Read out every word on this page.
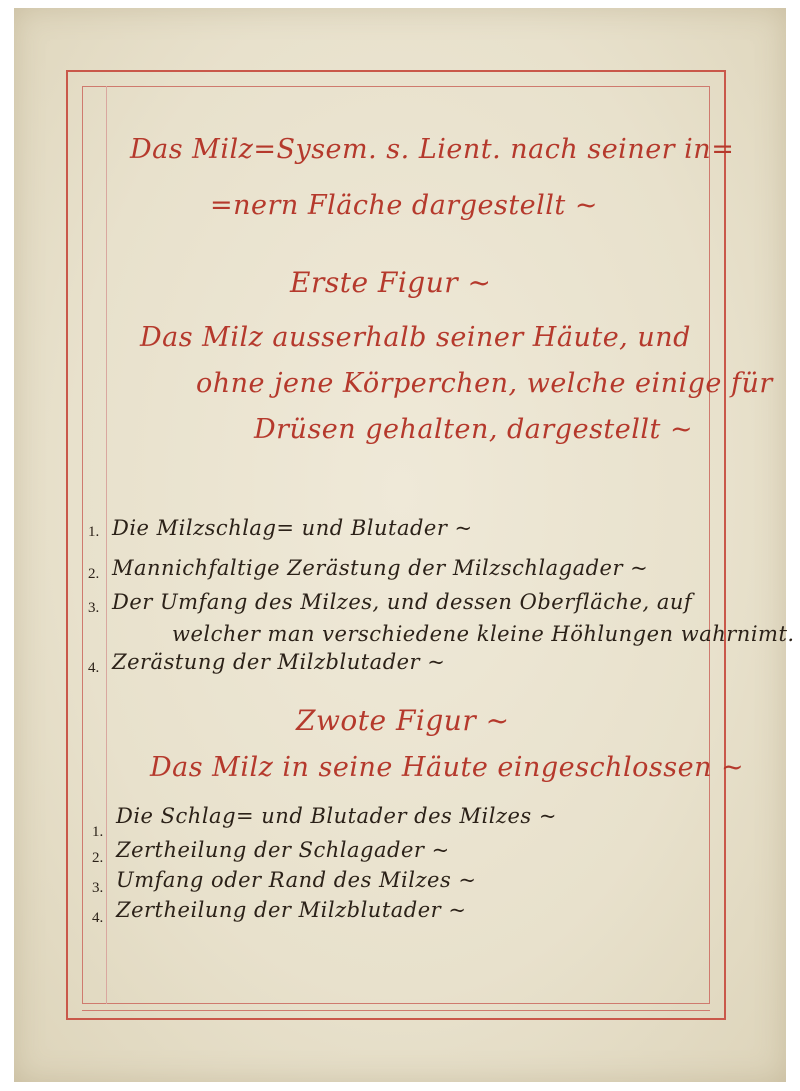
Das Milz=Sysem. s. Lient. nach seiner in=
=nern Fläche dargestellt ~
Erste Figur ~
Das Milz ausserhalb seiner Häute, und
ohne jene Körperchen, welche einige für
Drüsen gehalten, dargestellt ~
1. Die Milzschlag= und Blutader ~
2. Mannichfaltige Zerästung der Milzschlagader ~
3. Der Umfang des Milzes, und dessen Oberfläche, auf
welcher man verschiedene kleine Höhlungen wahrnimt.
4. Zerästung der Milzblutader ~
Zwote Figur ~
Das Milz in seine Häute eingeschlossen ~
1.
Die Schlag= und Blutader des Milzes ~
2. Zertheilung der Schlagader ~
3. Umfang oder Rand des Milzes ~
4. Zertheilung der Milzblutader ~
